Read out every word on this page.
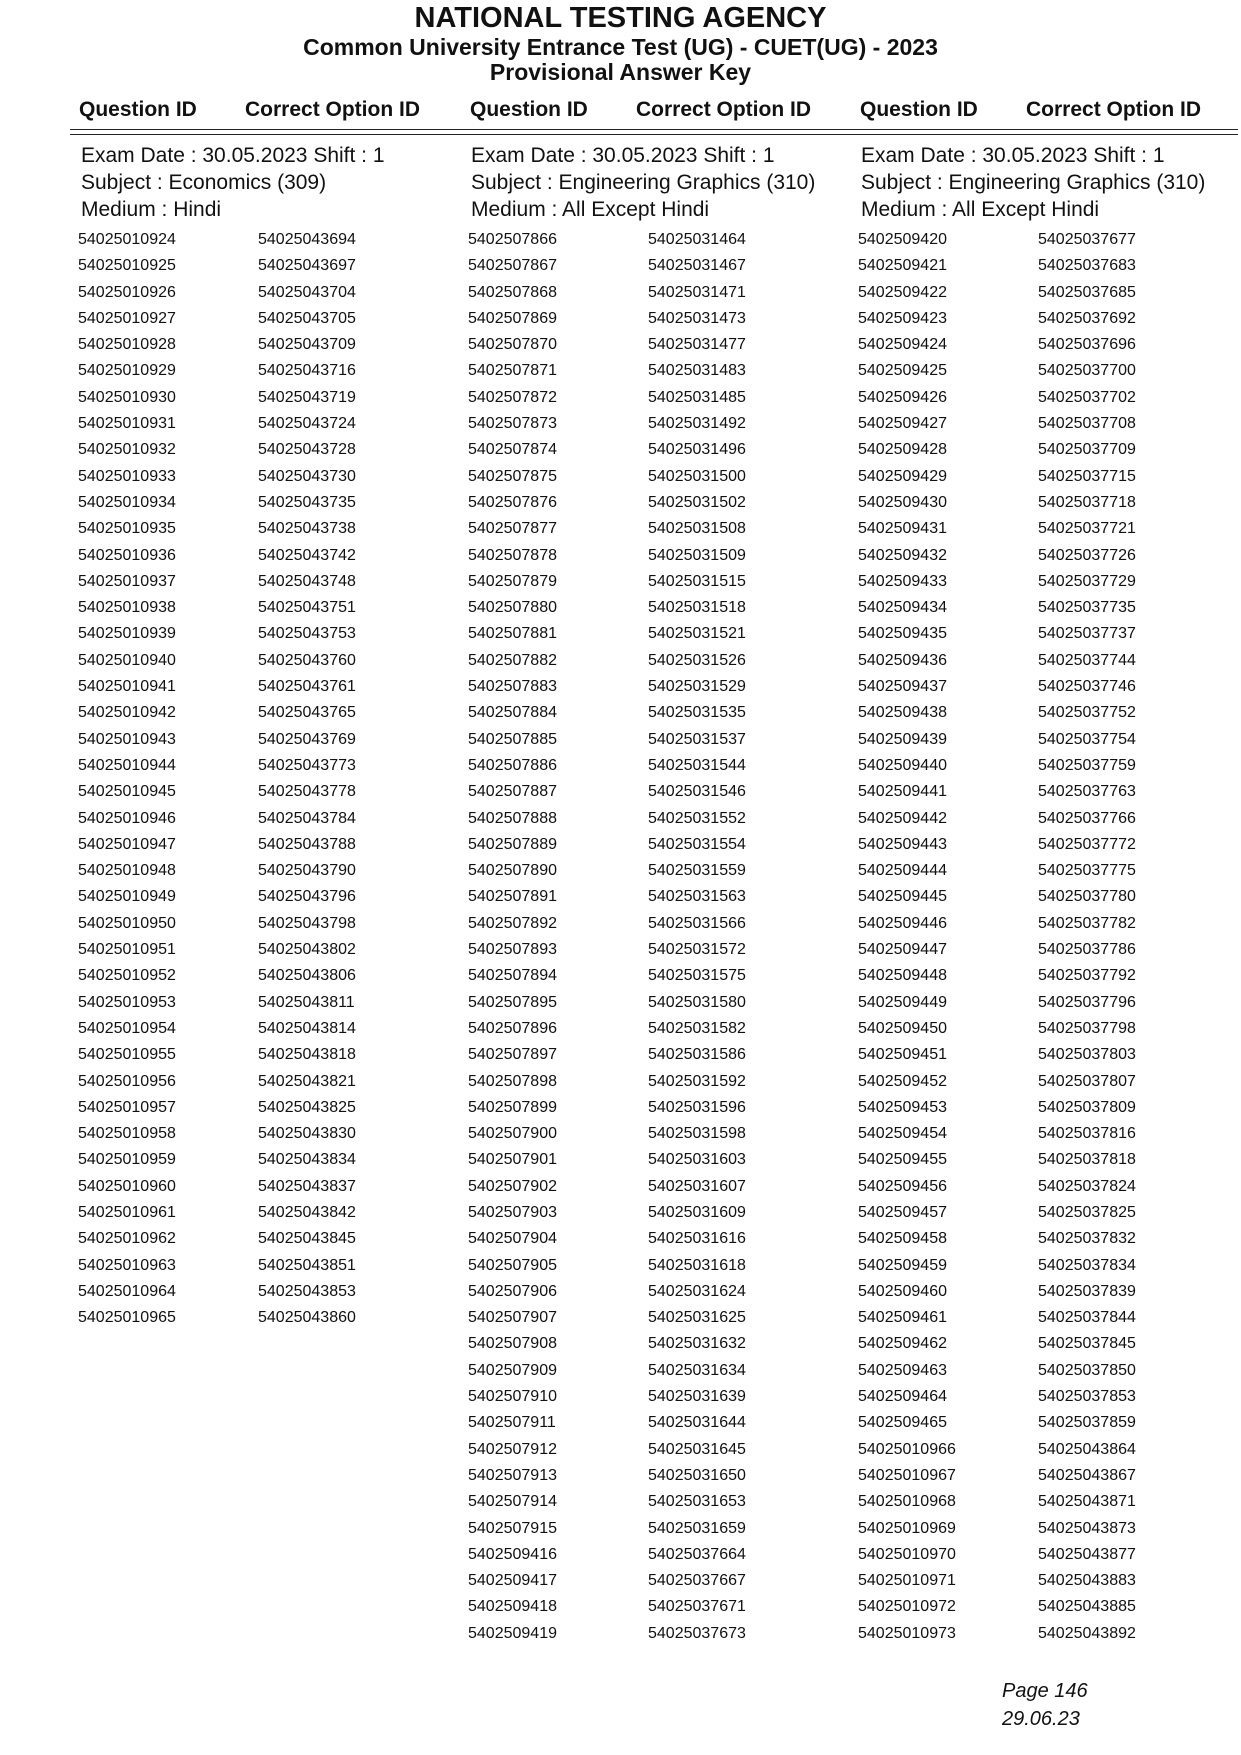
NATIONAL TESTING AGENCY
Common University Entrance Test (UG) - CUET(UG) - 2023
Provisional Answer Key
Question ID Correct Option ID Question ID Correct Option ID Question ID Correct Option ID
Exam Date : 30.05.2023 Shift : 1
Subject : Economics (309)
Medium : Hindi
54025010924	54025043694
54025010925	54025043697
54025010926	54025043704
54025010927	54025043705
54025010928	54025043709
54025010929	54025043716
54025010930	54025043719
54025010931	54025043724
54025010932	54025043728
54025010933	54025043730
54025010934	54025043735
54025010935	54025043738
54025010936	54025043742
54025010937	54025043748
54025010938	54025043751
54025010939	54025043753
54025010940	54025043760
54025010941	54025043761
54025010942	54025043765
54025010943	54025043769
54025010944	54025043773
54025010945	54025043778
54025010946	54025043784
54025010947	54025043788
54025010948	54025043790
54025010949	54025043796
54025010950	54025043798
54025010951	54025043802
54025010952	54025043806
54025010953	54025043811
54025010954	54025043814
54025010955	54025043818
54025010956	54025043821
54025010957	54025043825
54025010958	54025043830
54025010959	54025043834
54025010960	54025043837
54025010961	54025043842
54025010962	54025043845
54025010963	54025043851
54025010964	54025043853
54025010965	54025043860
Exam Date : 30.05.2023 Shift : 1
Subject : Engineering Graphics (310)
Medium : All Except Hindi
5402507866	54025031464
5402507867	54025031467
5402507868	54025031471
5402507869	54025031473
5402507870	54025031477
5402507871	54025031483
5402507872	54025031485
5402507873	54025031492
5402507874	54025031496
5402507875	54025031500
5402507876	54025031502
5402507877	54025031508
5402507878	54025031509
5402507879	54025031515
5402507880	54025031518
5402507881	54025031521
5402507882	54025031526
5402507883	54025031529
5402507884	54025031535
5402507885	54025031537
5402507886	54025031544
5402507887	54025031546
5402507888	54025031552
5402507889	54025031554
5402507890	54025031559
5402507891	54025031563
5402507892	54025031566
5402507893	54025031572
5402507894	54025031575
5402507895	54025031580
5402507896	54025031582
5402507897	54025031586
5402507898	54025031592
5402507899	54025031596
5402507900	54025031598
5402507901	54025031603
5402507902	54025031607
5402507903	54025031609
5402507904	54025031616
5402507905	54025031618
5402507906	54025031624
5402507907	54025031625
5402507908	54025031632
5402507909	54025031634
5402507910	54025031639
5402507911	54025031644
5402507912	54025031645
5402507913	54025031650
5402507914	54025031653
5402507915	54025031659
5402509416	54025037664
5402509417	54025037667
5402509418	54025037671
5402509419	54025037673
Exam Date : 30.05.2023 Shift : 1
Subject : Engineering Graphics (310)
Medium : All Except Hindi
5402509420	54025037677
5402509421	54025037683
5402509422	54025037685
5402509423	54025037692
5402509424	54025037696
5402509425	54025037700
5402509426	54025037702
5402509427	54025037708
5402509428	54025037709
5402509429	54025037715
5402509430	54025037718
5402509431	54025037721
5402509432	54025037726
5402509433	54025037729
5402509434	54025037735
5402509435	54025037737
5402509436	54025037744
5402509437	54025037746
5402509438	54025037752
5402509439	54025037754
5402509440	54025037759
5402509441	54025037763
5402509442	54025037766
5402509443	54025037772
5402509444	54025037775
5402509445	54025037780
5402509446	54025037782
5402509447	54025037786
5402509448	54025037792
5402509449	54025037796
5402509450	54025037798
5402509451	54025037803
5402509452	54025037807
5402509453	54025037809
5402509454	54025037816
5402509455	54025037818
5402509456	54025037824
5402509457	54025037825
5402509458	54025037832
5402509459	54025037834
5402509460	54025037839
5402509461	54025037844
5402509462	54025037845
5402509463	54025037850
5402509464	54025037853
5402509465	54025037859
54025010966	54025043864
54025010967	54025043867
54025010968	54025043871
54025010969	54025043873
54025010970	54025043877
54025010971	54025043883
54025010972	54025043885
54025010973	54025043892
Page 146
29.06.23
